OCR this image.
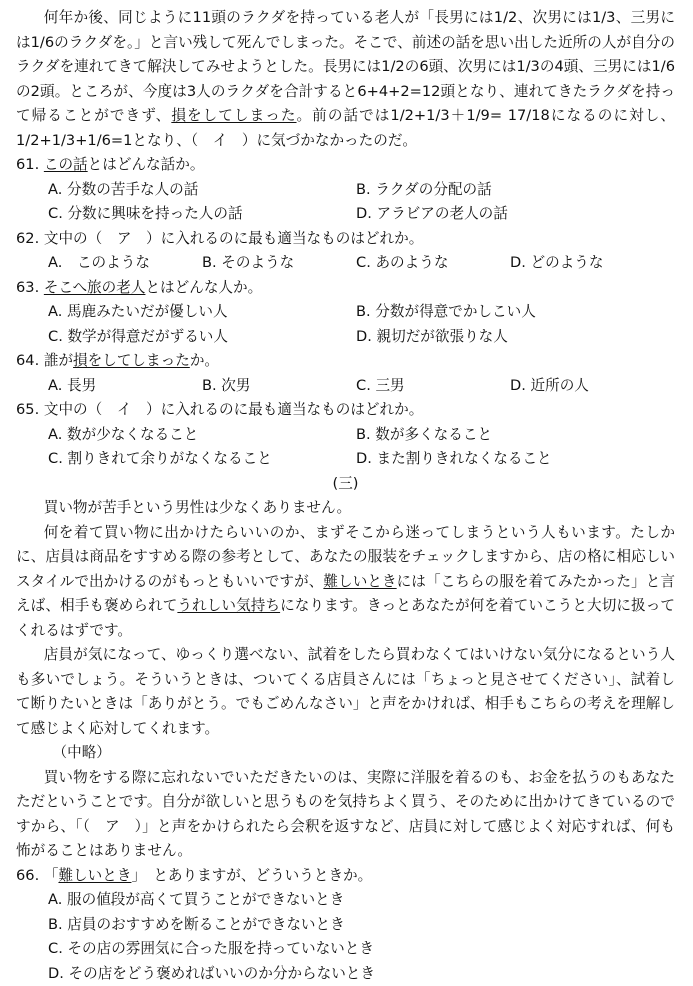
何年か後、同じように11頭のラクダを持っている老人が「長男には1/2、次男には1/3、三男には1/6のラクダを。」と言い残して死んでしまった。そこで、前述の話を思い出した近所の人が自分のラクダを連れてきて解決してみせようとした。長男には1/2の6頭、次男には1/3の4頭、三男には1/6の2頭。ところが、今度は3人のラクダを合計すると6+4+2=12頭となり、連れてきたラクダを持って帰ることができず、損をしてしまった。前の話では1/2+1/3＋1/9= 17/18になるのに対し、1/2+1/3+1/6=1となり、（　イ　）に気づかなかったのだ。

61. この話とはどんな話か。

A. 分数の苦手な人の話	B. ラクダの分配の話
C. 分数に興味を持った人の話	D. アラビアの老人の話

62. 文中の（　ア　）に入れるのに最も適当なものはどれか。

A.　このような	B. そのような	C. あのような	D. どのような

63. そこへ旅の老人とはどんな人か。

A. 馬鹿みたいだが優しい人	B. 分数が得意でかしこい人
C. 数学が得意だがずるい人	D. 親切だが欲張りな人

64. 誰が損をしてしまったか。

A. 長男	B. 次男	C. 三男	D. 近所の人

65. 文中の（　イ　）に入れるのに最も適当なものはどれか。

A. 数が少なくなること	B. 数が多くなること
C. 割りきれて余りがなくなること	D. また割りきれなくなること

(三)

買い物が苦手という男性は少なくありません。

何を着て買い物に出かけたらいいのか、まずそこから迷ってしまうという人もいます。たしかに、店員は商品をすすめる際の参考として、あなたの服装をチェックしますから、店の格に相応しいスタイルで出かけるのがもっともいいですが、難しいときには「こちらの服を着てみたかった」と言えば、相手も褒められてうれしい気持ちになります。きっとあなたが何を着ていこうと大切に扱ってくれるはずです。

店員が気になって、ゆっくり選べない、試着をしたら買わなくてはいけない気分になるという人も多いでしょう。そういうときは、ついてくる店員さんには「ちょっと見させてください」、試着して断りたいときは「ありがとう。でもごめんなさい」と声をかければ、相手もこちらの考えを理解して感じよく応対してくれます。

（中略）

買い物をする際に忘れないでいただきたいのは、実際に洋服を着るのも、お金を払うのもあなたただということです。自分が欲しいと思うものを気持ちよく買う、そのために出かけてきているのですから、「（　ア　）」と声をかけられたら会釈を返すなど、店員に対して感じよく対応すれば、何も怖がることはありません。

66. 「難しいとき」　とありますが、どういうときか。

A. 服の値段が高くて買うことができないとき
B. 店員のおすすめを断ることができないとき
C. その店の雰囲気に合った服を持っていないとき
D. その店をどう褒めればいいのか分からないとき
